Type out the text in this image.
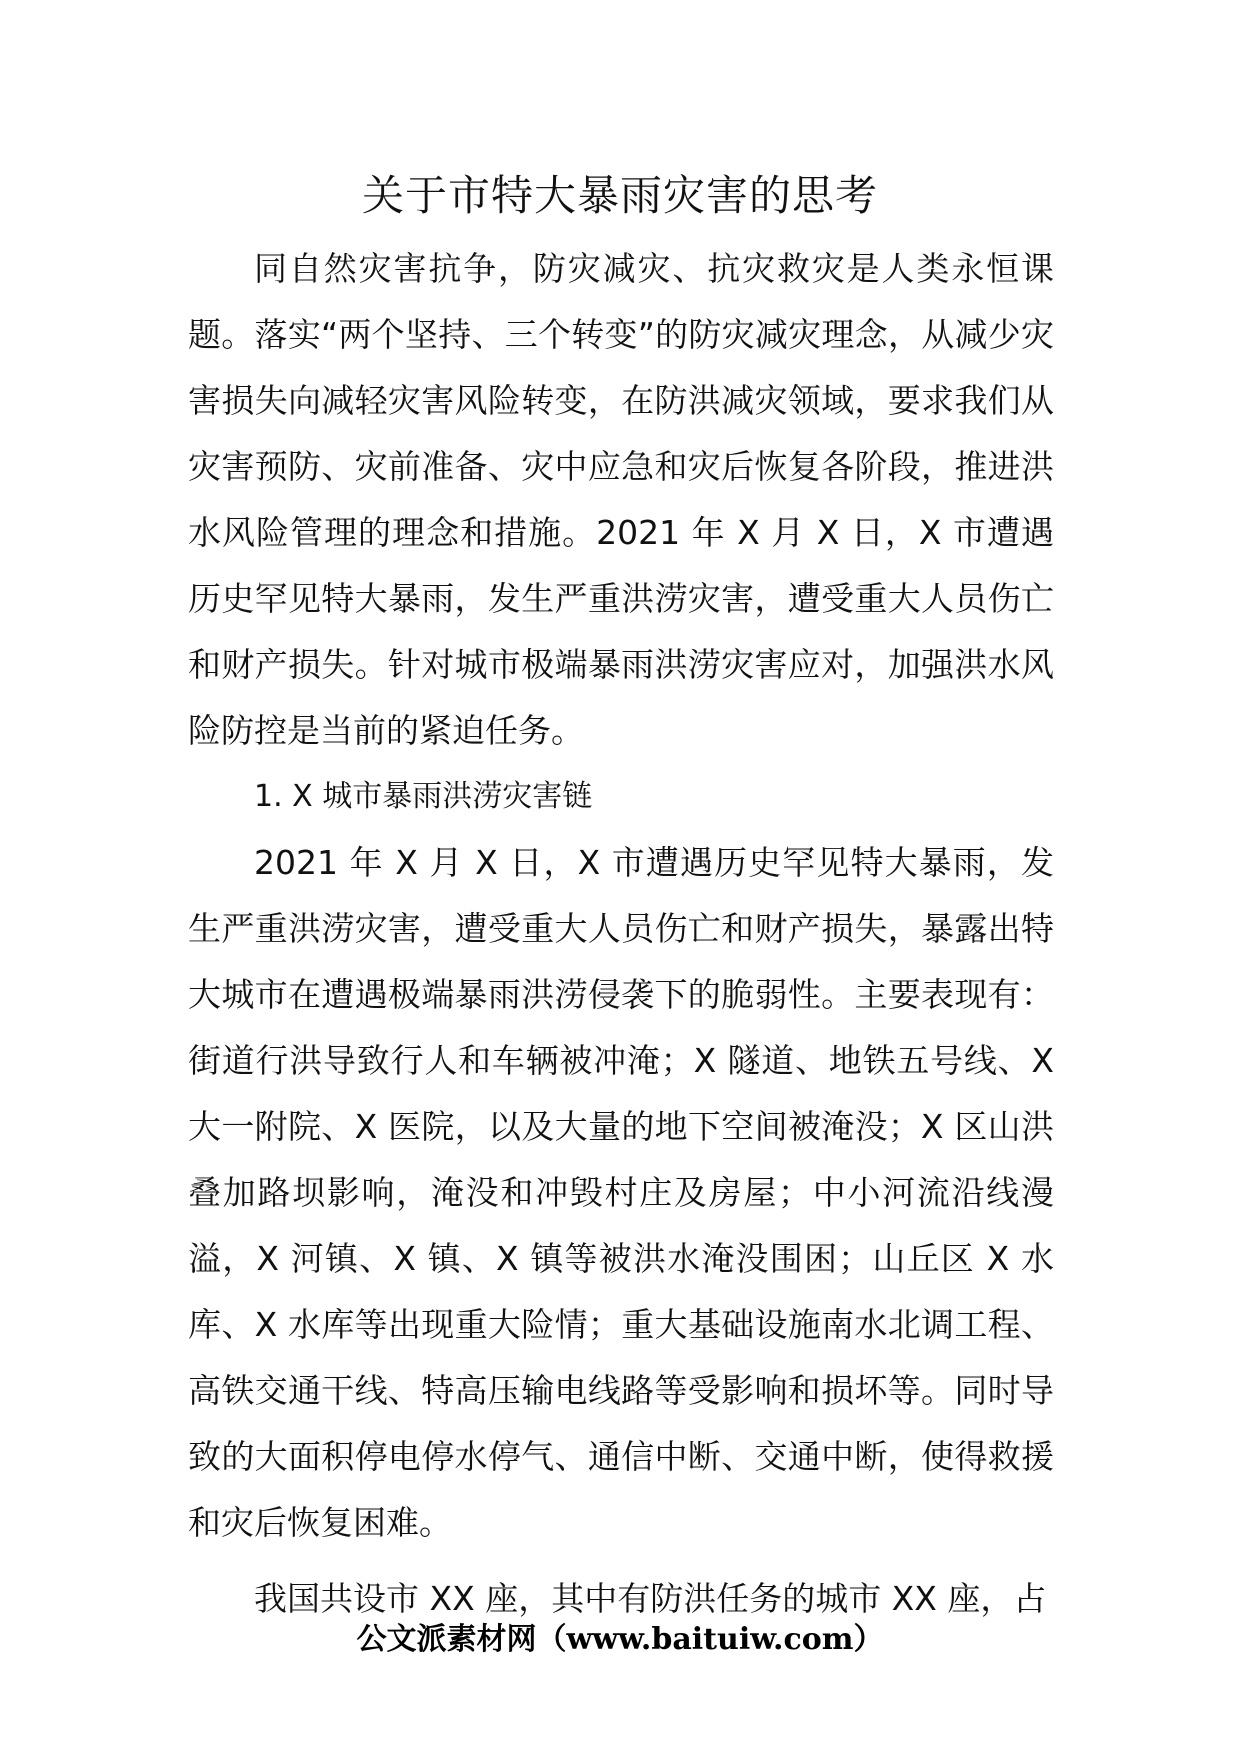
关于市特大暴雨灾害的思考

同自然灾害抗争，防灾减灾、抗灾救灾是人类永恒课题。落实“两个坚持、三个转变”的防灾减灾理念，从减少灾害损失向减轻灾害风险转变，在防洪减灾领域，要求我们从灾害预防、灾前准备、灾中应急和灾后恢复各阶段，推进洪水风险管理的理念和措施。2021 年 X 月 X 日，X 市遭遇历史罕见特大暴雨，发生严重洪涝灾害，遭受重大人员伤亡和财产损失。针对城市极端暴雨洪涝灾害应对，加强洪水风险防控是当前的紧迫任务。

1. X 城市暴雨洪涝灾害链

2021 年 X 月 X 日，X 市遭遇历史罕见特大暴雨，发生严重洪涝灾害，遭受重大人员伤亡和财产损失，暴露出特大城市在遭遇极端暴雨洪涝侵袭下的脆弱性。主要表现有：街道行洪导致行人和车辆被冲淹；X 隧道、地铁五号线、X 大一附院、X 医院，以及大量的地下空间被淹没；X 区山洪叠加路坝影响，淹没和冲毁村庄及房屋；中小河流沿线漫溢，X 河镇、X 镇、X 镇等被洪水淹没围困；山丘区 X 水库、X 水库等出现重大险情；重大基础设施南水北调工程、高铁交通干线、特高压输电线路等受影响和损坏等。同时导致的大面积停电停水停气、通信中断、交通中断，使得救援和灾后恢复困难。

我国共设市 XX 座，其中有防洪任务的城市 XX 座，占

公文派素材网（www.baituiw.com）
